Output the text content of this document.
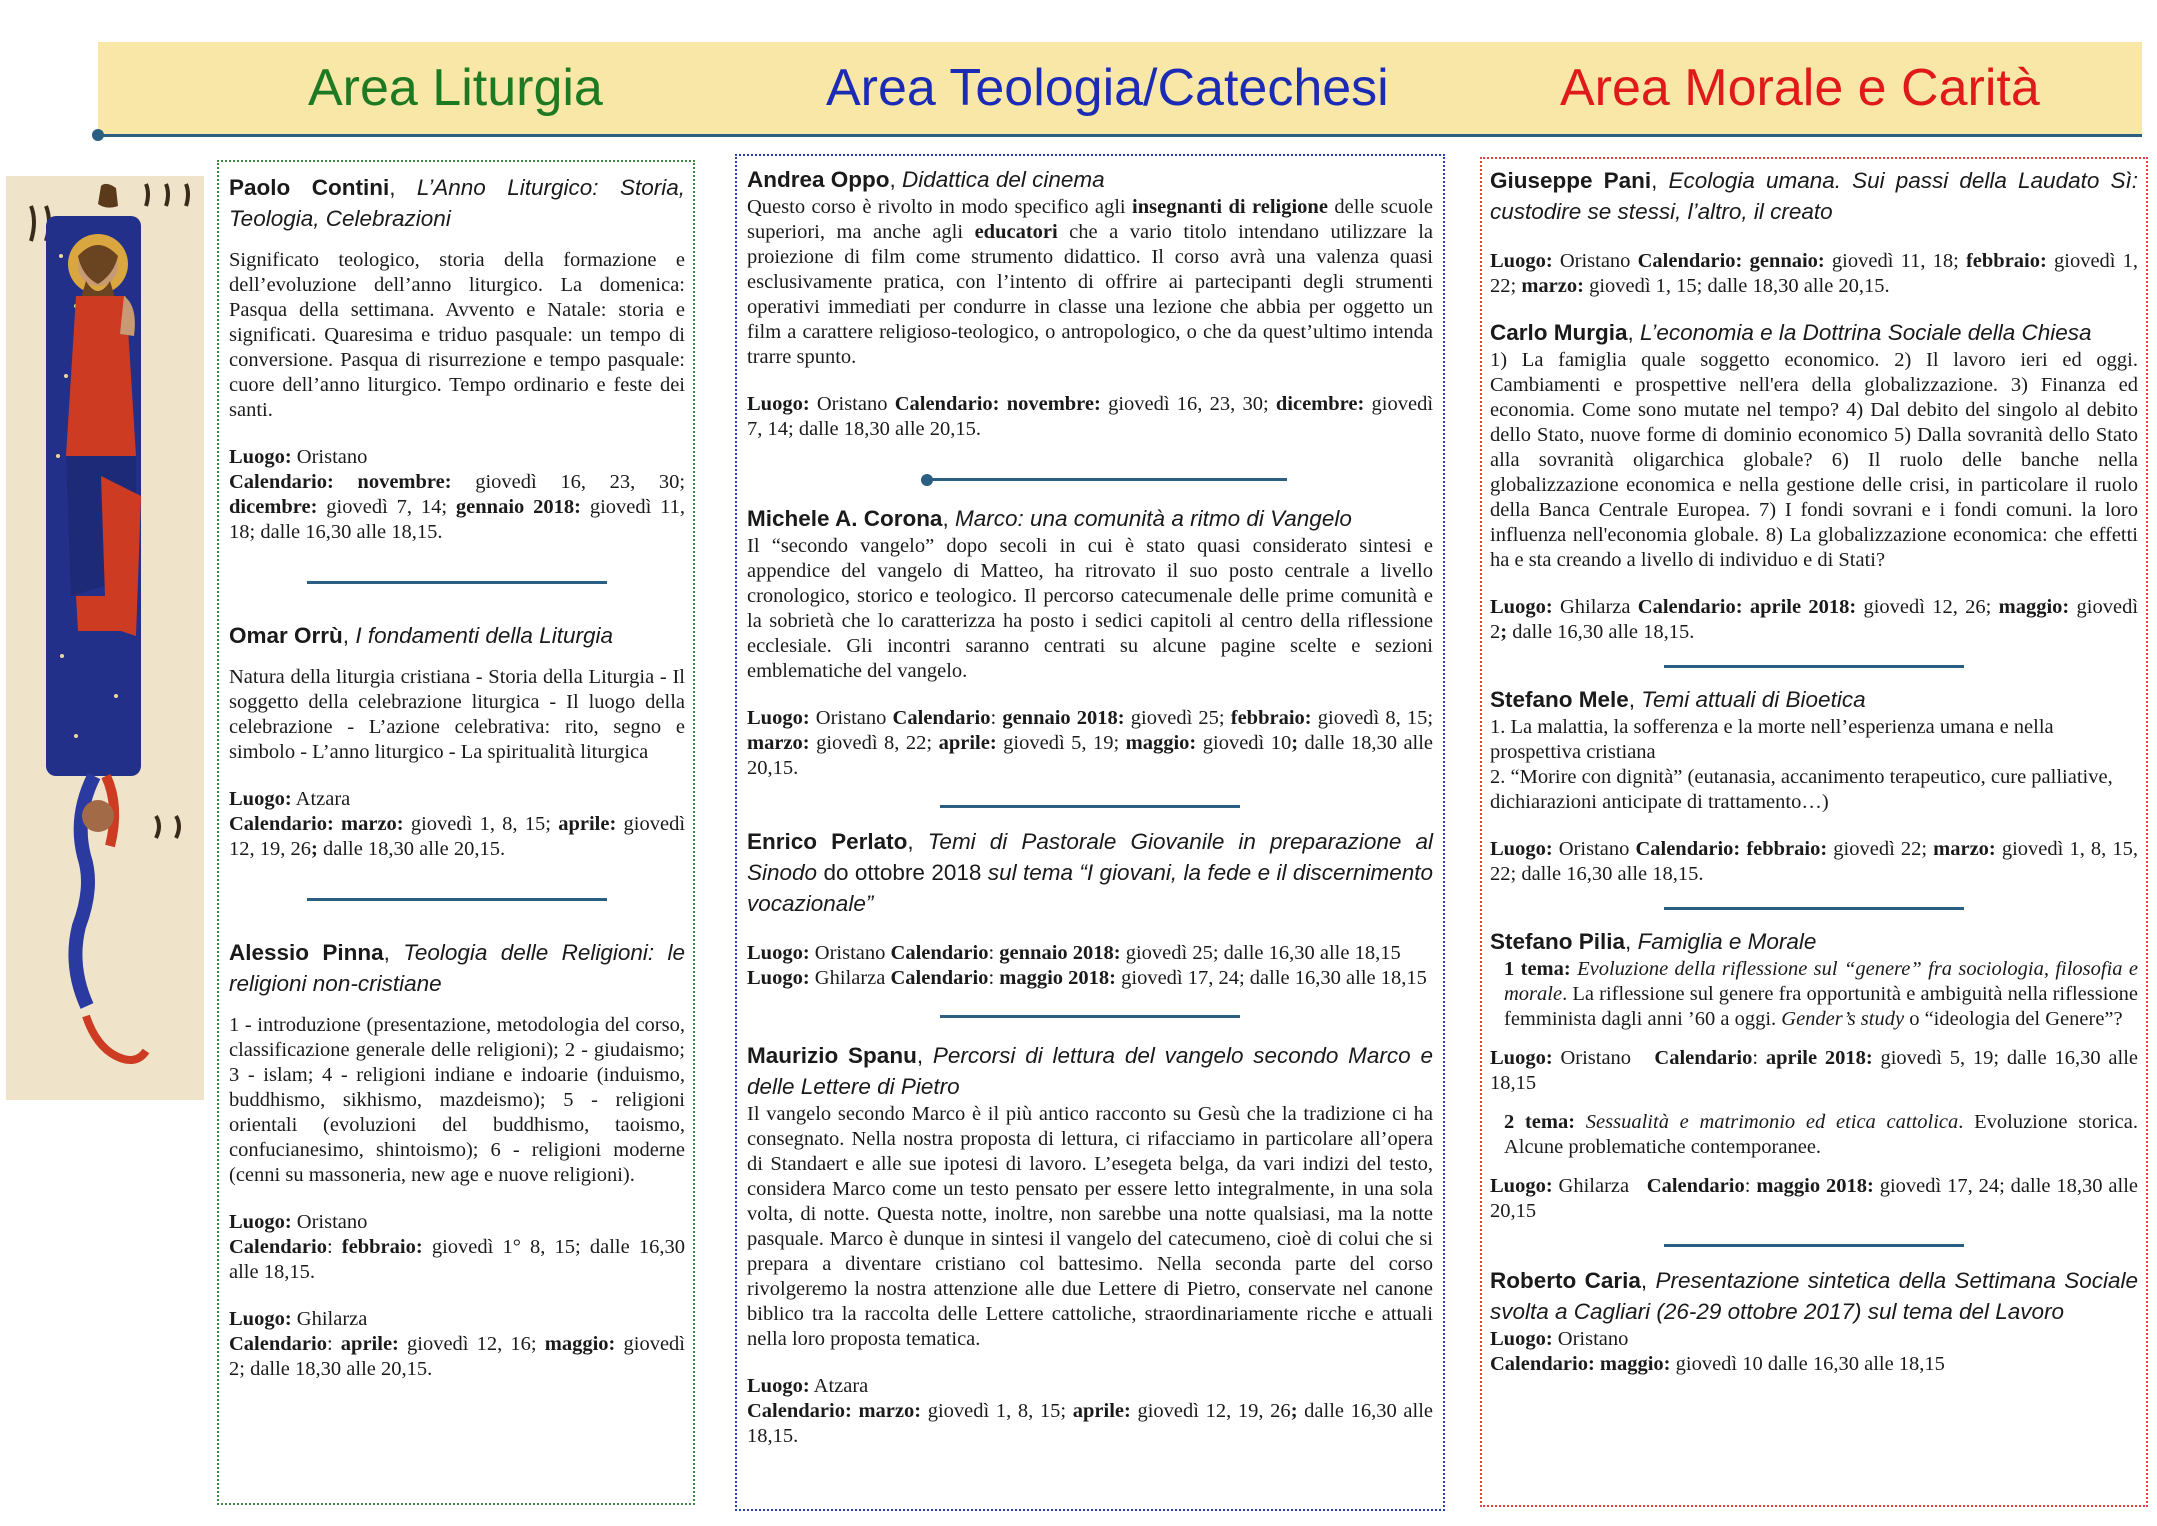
Area Liturgia	Area Teologia/Catechesi	Area Morale e Carità

Paolo Contini, L’Anno Liturgico: Storia, Teologia, Celebrazioni

Significato teologico, storia della formazione e dell’evoluzione dell’anno liturgico. La domenica: Pasqua della settimana. Avvento e Natale: storia e significati. Quaresima e triduo pasquale: un tempo di conversione. Pasqua di risurrezione e tempo pasquale: cuore dell’anno liturgico. Tempo ordinario e feste dei santi.

Luogo: Oristano

Calendario: novembre: giovedì 16, 23, 30; dicembre: giovedì 7, 14; gennaio 2018: giovedì 11, 18; dalle 16,30 alle 18,15.

Omar Orrù, I fondamenti della Liturgia

Natura della liturgia cristiana - Storia della Liturgia - Il soggetto della celebrazione liturgica - Il luogo della celebrazione - L’azione celebrativa: rito, segno e simbolo - L’anno liturgico - La spiritualità liturgica

Luogo: Atzara

Calendario: marzo: giovedì 1, 8, 15; aprile: giovedì 12, 19, 26; dalle 18,30 alle 20,15.

Alessio Pinna, Teologia delle Religioni: le religioni non-cristiane

1 - introduzione (presentazione, metodologia del corso, classificazione generale delle religioni); 2 - giudaismo; 3 - islam; 4 - religioni indiane e indoarie (induismo, buddhismo, sikhismo, mazdeismo); 5 - religioni orientali (evoluzioni del buddhismo, taoismo, confucianesimo, shintoismo); 6 - religioni moderne (cenni su massoneria, new age e nuove religioni).

Luogo: Oristano

Calendario: febbraio: giovedì 1° 8, 15; dalle 16,30 alle 18,15.

Luogo: Ghilarza

Calendario: aprile: giovedì 12, 16; maggio: giovedì 2; dalle 18,30 alle 20,15.

Andrea Oppo, Didattica del cinema

Questo corso è rivolto in modo specifico agli insegnanti di religione delle scuole superiori, ma anche agli educatori che a vario titolo intendano utilizzare la proiezione di film come strumento didattico. Il corso avrà una valenza quasi esclusivamente pratica, con l’intento di offrire ai partecipanti degli strumenti operativi immediati per condurre in classe una lezione che abbia per oggetto un film a carattere religioso-teologico, o antropologico, o che da quest’ultimo intenda trarre spunto.

Luogo: Oristano Calendario: novembre: giovedì 16, 23, 30; dicembre: giovedì 7, 14; dalle 18,30 alle 20,15.

Michele A. Corona, Marco: una comunità a ritmo di Vangelo

Il “secondo vangelo” dopo secoli in cui è stato quasi considerato sintesi e appendice del vangelo di Matteo, ha ritrovato il suo posto centrale a livello cronologico, storico e teologico. Il percorso catecumenale delle prime comunità e la sobrietà che lo caratterizza ha posto i sedici capitoli al centro della riflessione ecclesiale. Gli incontri saranno centrati su alcune pagine scelte e sezioni emblematiche del vangelo.

Luogo: Oristano Calendario: gennaio 2018: giovedì 25; febbraio: giovedì 8, 15; marzo: giovedì 8, 22; aprile: giovedì 5, 19; maggio: giovedì 10; dalle 18,30 alle 20,15.

Enrico Perlato, Temi di Pastorale Giovanile in preparazione al Sinodo do ottobre 2018 sul tema “I giovani, la fede e il discernimento vocazionale”

Luogo: Oristano Calendario: gennaio 2018: giovedì 25; dalle 16,30 alle 18,15

Luogo: Ghilarza Calendario: maggio 2018: giovedì 17, 24; dalle 16,30 alle 18,15

Maurizio Spanu, Percorsi di lettura del vangelo secondo Marco e delle Lettere di Pietro

Il vangelo secondo Marco è il più antico racconto su Gesù che la tradizione ci ha consegnato. Nella nostra proposta di lettura, ci rifacciamo in particolare all’opera di Standaert e alle sue ipotesi di lavoro. L’esegeta belga, da vari indizi del testo, considera Marco come un testo pensato per essere letto integralmente, in una sola volta, di notte. Questa notte, inoltre, non sarebbe una notte qualsiasi, ma la notte pasquale. Marco è dunque in sintesi il vangelo del catecumeno, cioè di colui che si prepara a diventare cristiano col battesimo. Nella seconda parte del corso rivolgeremo la nostra attenzione alle due Lettere di Pietro, conservate nel canone biblico tra la raccolta delle Lettere cattoliche, straordinariamente ricche e attuali nella loro proposta tematica.

Luogo: Atzara

Calendario: marzo: giovedì 1, 8, 15; aprile: giovedì 12, 19, 26; dalle 16,30 alle 18,15.

Giuseppe Pani, Ecologia umana. Sui passi della Laudato Sì: custodire se stessi, l’altro, il creato

Luogo: Oristano Calendario: gennaio: giovedì 11, 18; febbraio: giovedì 1, 22; marzo: giovedì 1, 15; dalle 18,30 alle 20,15.

Carlo Murgia, L’economia e la Dottrina Sociale della Chiesa

1) La famiglia quale soggetto economico. 2) Il lavoro ieri ed oggi. Cambiamenti e prospettive nell'era della globalizzazione. 3) Finanza ed economia. Come sono mutate nel tempo? 4) Dal debito del singolo al debito dello Stato, nuove forme di dominio economico 5) Dalla sovranità dello Stato alla sovranità oligarchica globale? 6) Il ruolo delle banche nella globalizzazione economica e nella gestione delle crisi, in particolare il ruolo della Banca Centrale Europea. 7) I fondi sovrani e i fondi comuni. la loro influenza nell'economia globale. 8) La globalizzazione economica: che effetti ha e sta creando a livello di individuo e di Stati?

Luogo: Ghilarza Calendario: aprile 2018: giovedì 12, 26; maggio: giovedì 2; dalle 16,30 alle 18,15.

Stefano Mele, Temi attuali di Bioetica

1. La malattia, la sofferenza e la morte nell’esperienza umana e nella prospettiva cristiana

2. “Morire con dignità” (eutanasia, accanimento terapeutico, cure palliative, dichiarazioni anticipate di trattamento…)

Luogo: Oristano Calendario: febbraio: giovedì 22; marzo: giovedì 1, 8, 15, 22; dalle 16,30 alle 18,15.

Stefano Pilia, Famiglia e Morale

1 tema: Evoluzione della riflessione sul “genere” fra sociologia, filosofia e morale. La riflessione sul genere fra opportunità e ambiguità nella riflessione femminista dagli anni ’60 a oggi. Gender’s study o “ideologia del Genere”?

Luogo: Oristano Calendario: aprile 2018: giovedì 5, 19; dalle 16,30 alle 18,15

2 tema: Sessualità e matrimonio ed etica cattolica. Evoluzione storica. Alcune problematiche contemporanee.

Luogo: Ghilarza Calendario: maggio 2018: giovedì 17, 24; dalle 18,30 alle 20,15

Roberto Caria, Presentazione sintetica della Settimana Sociale svolta a Cagliari (26-29 ottobre 2017) sul tema del Lavoro

Luogo: Oristano

Calendario: maggio: giovedì 10 dalle 16,30 alle 18,15
